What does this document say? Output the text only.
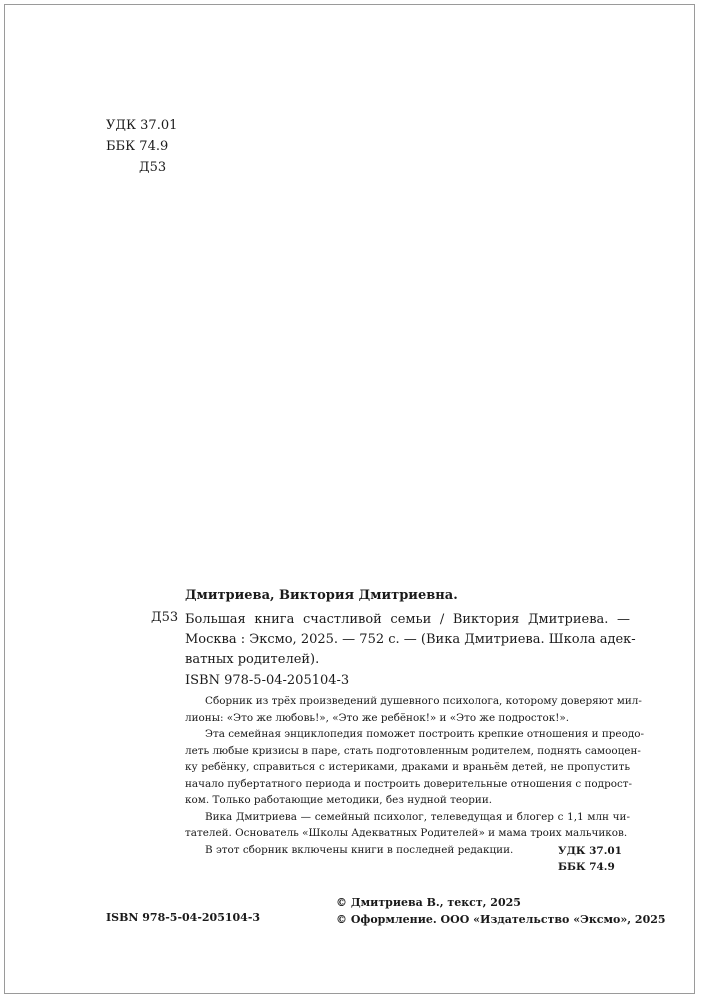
УДК 37.01
ББК 74.9
Д53
Дмитриева, Виктория Дмитриевна.
Д53 Большая книга счастливой семьи / Виктория Дмитриева. —
Москва : Эксмо, 2025. — 752 с. — (Вика Дмитриева. Школа адек-
ватных родителей).
ISBN 978-5-04-205104-3
Сборник из трёх произведений душевного психолога, которому доверяют мил-
лионы: «Это же любовь!», «Это же ребёнок!» и «Это же подросток!».
Эта семейная энциклопедия поможет построить крепкие отношения и преодо-
леть любые кризисы в паре, стать подготовленным родителем, поднять самооцен-
ку ребёнку, справиться с истериками, драками и враньём детей, не пропустить
начало пубертатного периода и построить доверительные отношения с подрост-
ком. Только работающие методики, без нудной теории.
Вика Дмитриева — семейный психолог, телеведущая и блогер с 1,1 млн чи-
тателей. Основатель «Школы Адекватных Родителей» и мама троих мальчиков.
В этот сборник включены книги в последней редакции.	УДК 37.01
ББК 74.9
ISBN 978-5-04-205104-3
© Дмитриева В., текст, 2025
© Оформление. ООО «Издательство «Эксмо», 2025
